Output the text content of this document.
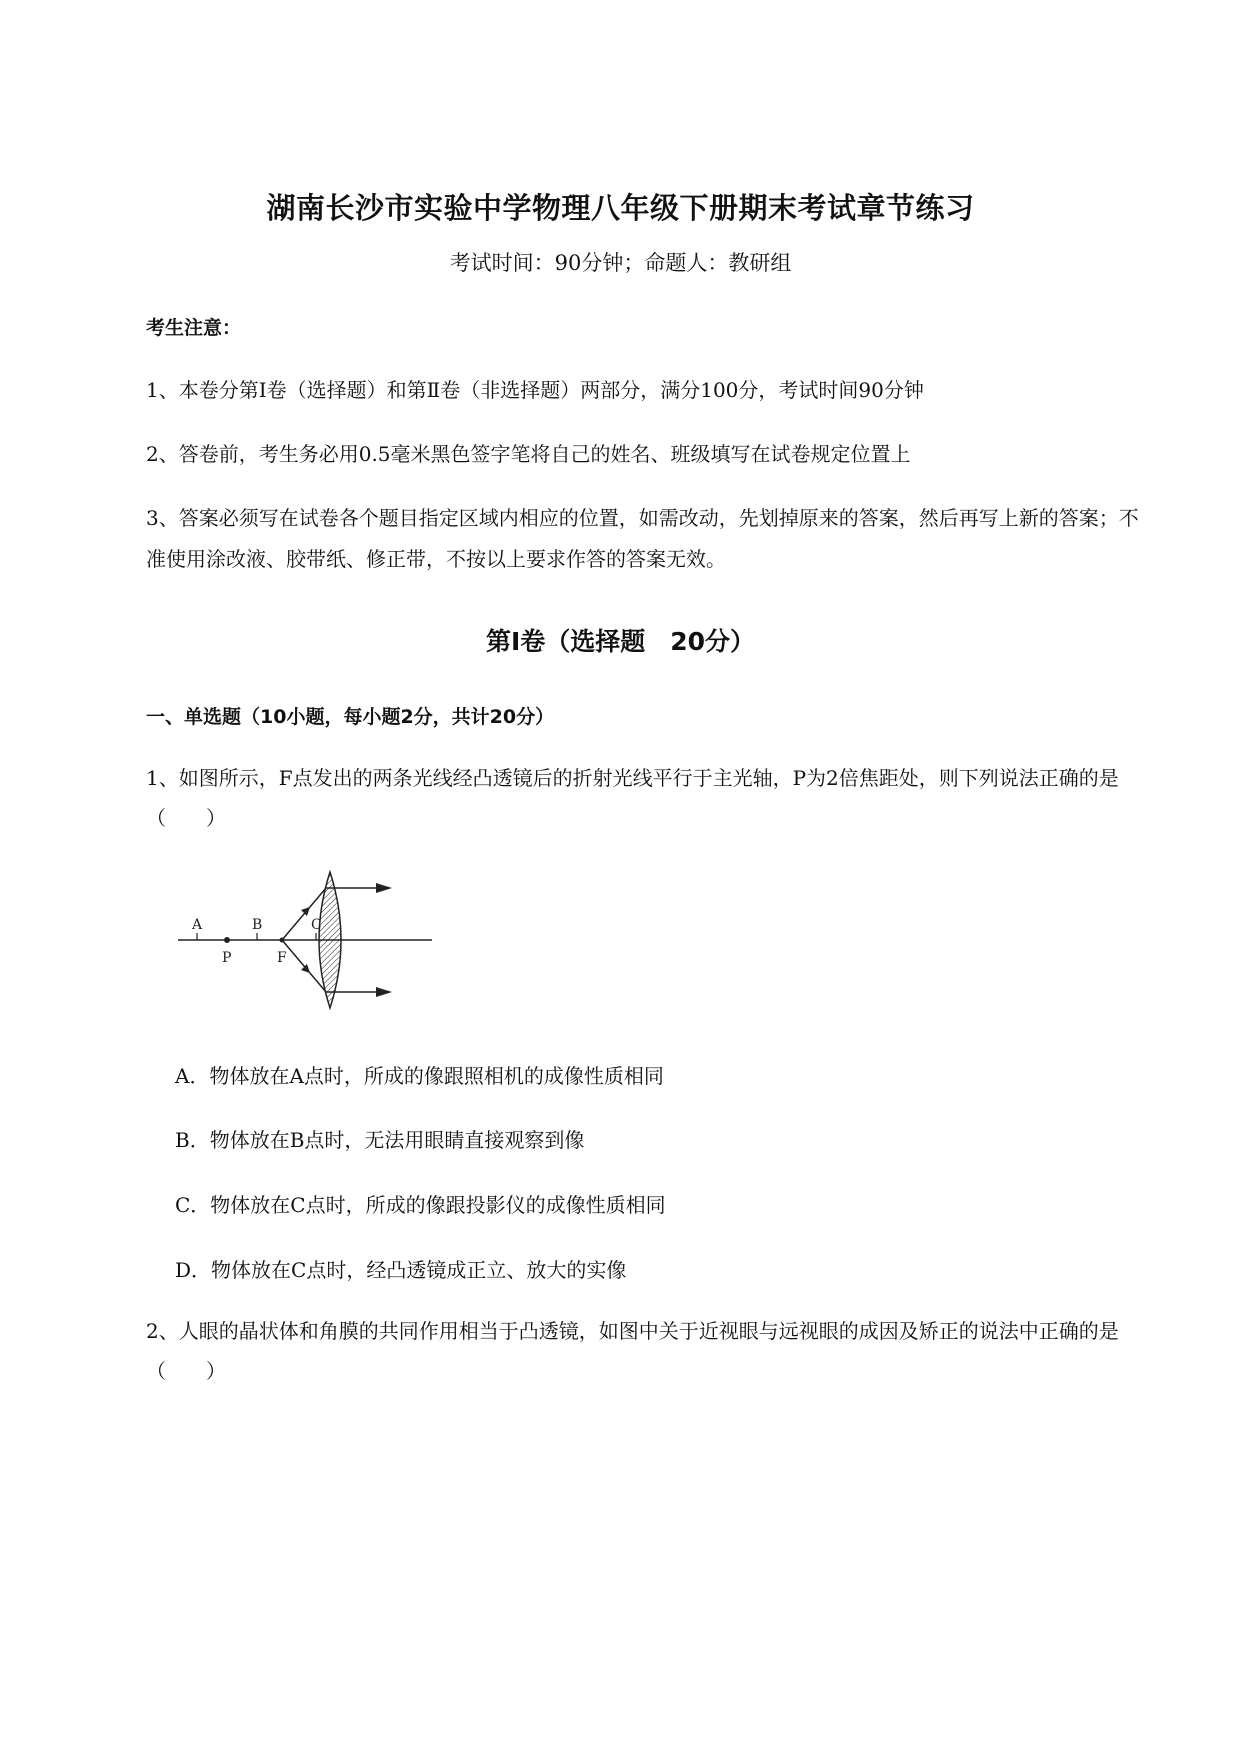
湖南长沙市实验中学物理八年级下册期末考试章节练习
考试时间：90分钟；命题人：教研组
考生注意：
1、本卷分第Ⅰ卷（选择题）和第Ⅱ卷（非选择题）两部分，满分100分，考试时间90分钟
2、答卷前，考生务必用0.5毫米黑色签字笔将自己的姓名、班级填写在试卷规定位置上
3、答案必须写在试卷各个题目指定区域内相应的位置，如需改动，先划掉原来的答案，然后再写上新的答案；不准使用涂改液、胶带纸、修正带，不按以上要求作答的答案无效。
第Ⅰ卷（选择题　20分）
一、单选题（10小题，每小题2分，共计20分）
1、如图所示，F点发出的两条光线经凸透镜后的折射光线平行于主光轴，P为2倍焦距处，则下列说法正确的是（　　）
A	B	C
P	F
A．物体放在A点时，所成的像跟照相机的成像性质相同
B．物体放在B点时，无法用眼睛直接观察到像
C．物体放在C点时，所成的像跟投影仪的成像性质相同
D．物体放在C点时，经凸透镜成正立、放大的实像
2、人眼的晶状体和角膜的共同作用相当于凸透镜，如图中关于近视眼与远视眼的成因及矫正的说法中正确的是（　　）
